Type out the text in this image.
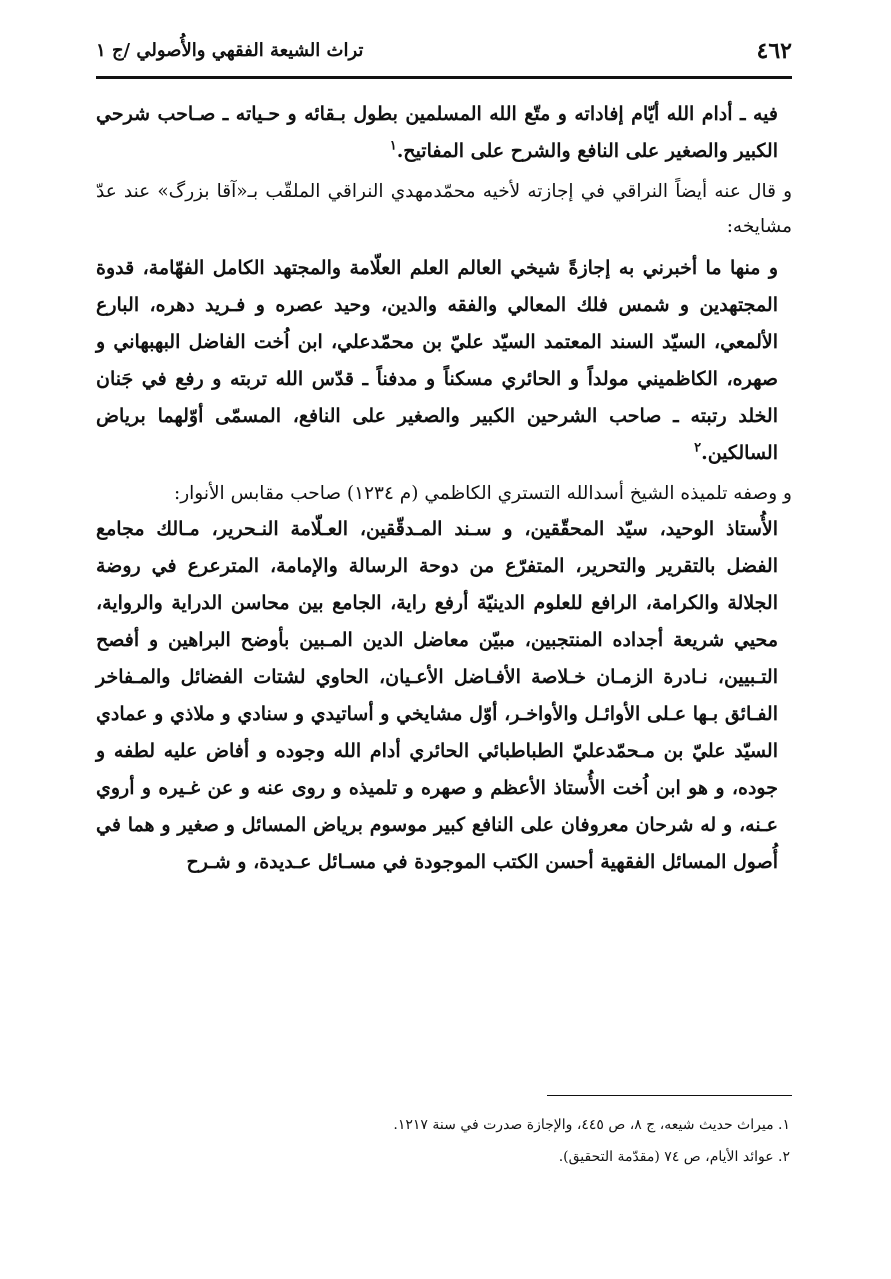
٤٦٢
تراث الشيعة الفقهي والأُصولي /ج ١

فيه ـ أدام الله أيّام إفاداته و متّع الله المسلمين بطول بـقائه و حـياته ـ صـاحب شرحي الكبير والصغير على النافع والشرح على المفاتيح.$^١$

و قال عنه أيضاً النراقي في إجازته لأخيه محمّدمهدي النراقي الملقّب بـ«آقا بزرگ» عند عدّ مشايخه:

و منها ما أخبرني به إجازةً شيخي العالم العلم العلّامة والمجتهد الكامل الفهّامة، قدوة المجتهدين و شمس فلك المعالي والفقه والدين، وحيد عصره و فـريد دهره، البارع الألمعي، السيّد السند المعتمد السيّد عليّ بن محمّدعلي، ابن اُخت الفاضل البهبهاني و صهره، الكاظميني مولداً و الحائري مسكناً و مدفناً ـ قدّس الله تربته و رفع في جَنان الخلد رتبته ـ صاحب الشرحين الكبير والصغير على النافع، المسمّى أوّلهما برياض السالكين.$^٢$

و وصفه تلميذه الشيخ أسدالله التستري الكاظمي (م ١٢٣٤) صاحب مقابس الأنوار:

الأُستاذ الوحيد، سيّد المحقّقين، و سـند المـدقّقين، العـلّامة النـحرير، مـالك مجامع الفضل بالتقرير والتحرير، المتفرّع من دوحة الرسالة والإمامة، المترعرع في روضة الجلالة والكرامة، الرافع للعلوم الدينيّة أرفع راية، الجامع بين محاسن الدراية والرواية، محيي شريعة أجداده المنتجبين، مبيّن معاضل الدين المـبين بأوضح البراهين و أفصح التـبيين، نـادرة الزمـان خـلاصة الأفـاضل الأعـيان، الحاوي لشتات الفضائل والمـفاخر الفـائق بـها عـلى الأوائـل والأواخـر، أوّل مشايخي و أساتيدي و سنادي و ملاذي و عمادي السيّد عليّ بن مـحمّدعليّ الطباطبائي الحائري أدام الله وجوده و أفاض عليه لطفه و جوده، و هو ابن اُخت الأُستاذ الأعظم و صهره و تلميذه و روى عنه و عن غـيره و أروي عـنه، و له شرحان معروفان على النافع كبير موسوم برياض المسائل و صغير و هما في أُصول المسائل الفقهية أحسن الكتب الموجودة في مسـائل عـديدة، و شـرح

١. ميراث حديث شيعه، ج ٨، ص ٤٤٥، والإجازة صدرت في سنة ١٢١٧.

٢. عوائد الأيام، ص ٧٤ (مقدّمة التحقيق).
